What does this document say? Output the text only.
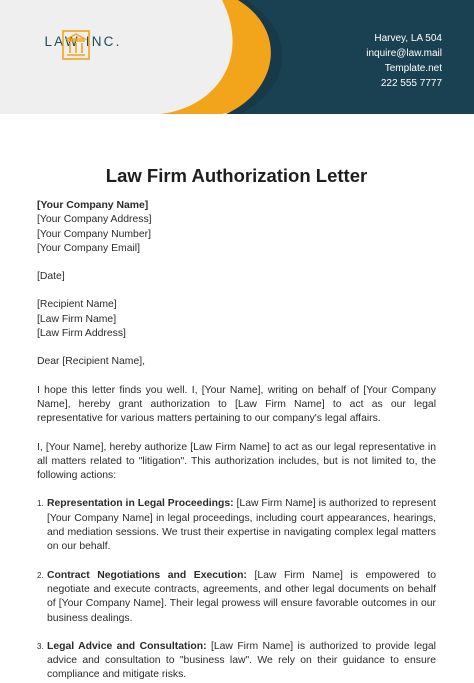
LAW INC.	Harvey, LA 504
inquire@law.mail
Template.net
222 555 7777
Law Firm Authorization Letter
[Your Company Name]
[Your Company Address]
[Your Company Number]
[Your Company Email]
[Date]
[Recipient Name]
[Law Firm Name]
[Law Firm Address]
Dear [Recipient Name],

I hope this letter finds you well. I, [Your Name], writing on behalf of [Your Company Name], hereby grant authorization to [Law Firm Name] to act as our legal representative for various matters pertaining to our company's legal affairs.

I, [Your Name], hereby authorize [Law Firm Name] to act as our legal representative in all matters related to "litigation". This authorization includes, but is not limited to, the following actions:

1. Representation in Legal Proceedings: [Law Firm Name] is authorized to represent [Your Company Name] in legal proceedings, including court appearances, hearings, and mediation sessions. We trust their expertise in navigating complex legal matters on our behalf.
2. Contract Negotiations and Execution: [Law Firm Name] is empowered to negotiate and execute contracts, agreements, and other legal documents on behalf of [Your Company Name]. Their legal prowess will ensure favorable outcomes in our business dealings.
3. Legal Advice and Consultation: [Law Firm Name] is authorized to provide legal advice and consultation to "business law". We rely on their guidance to ensure compliance and mitigate risks.
